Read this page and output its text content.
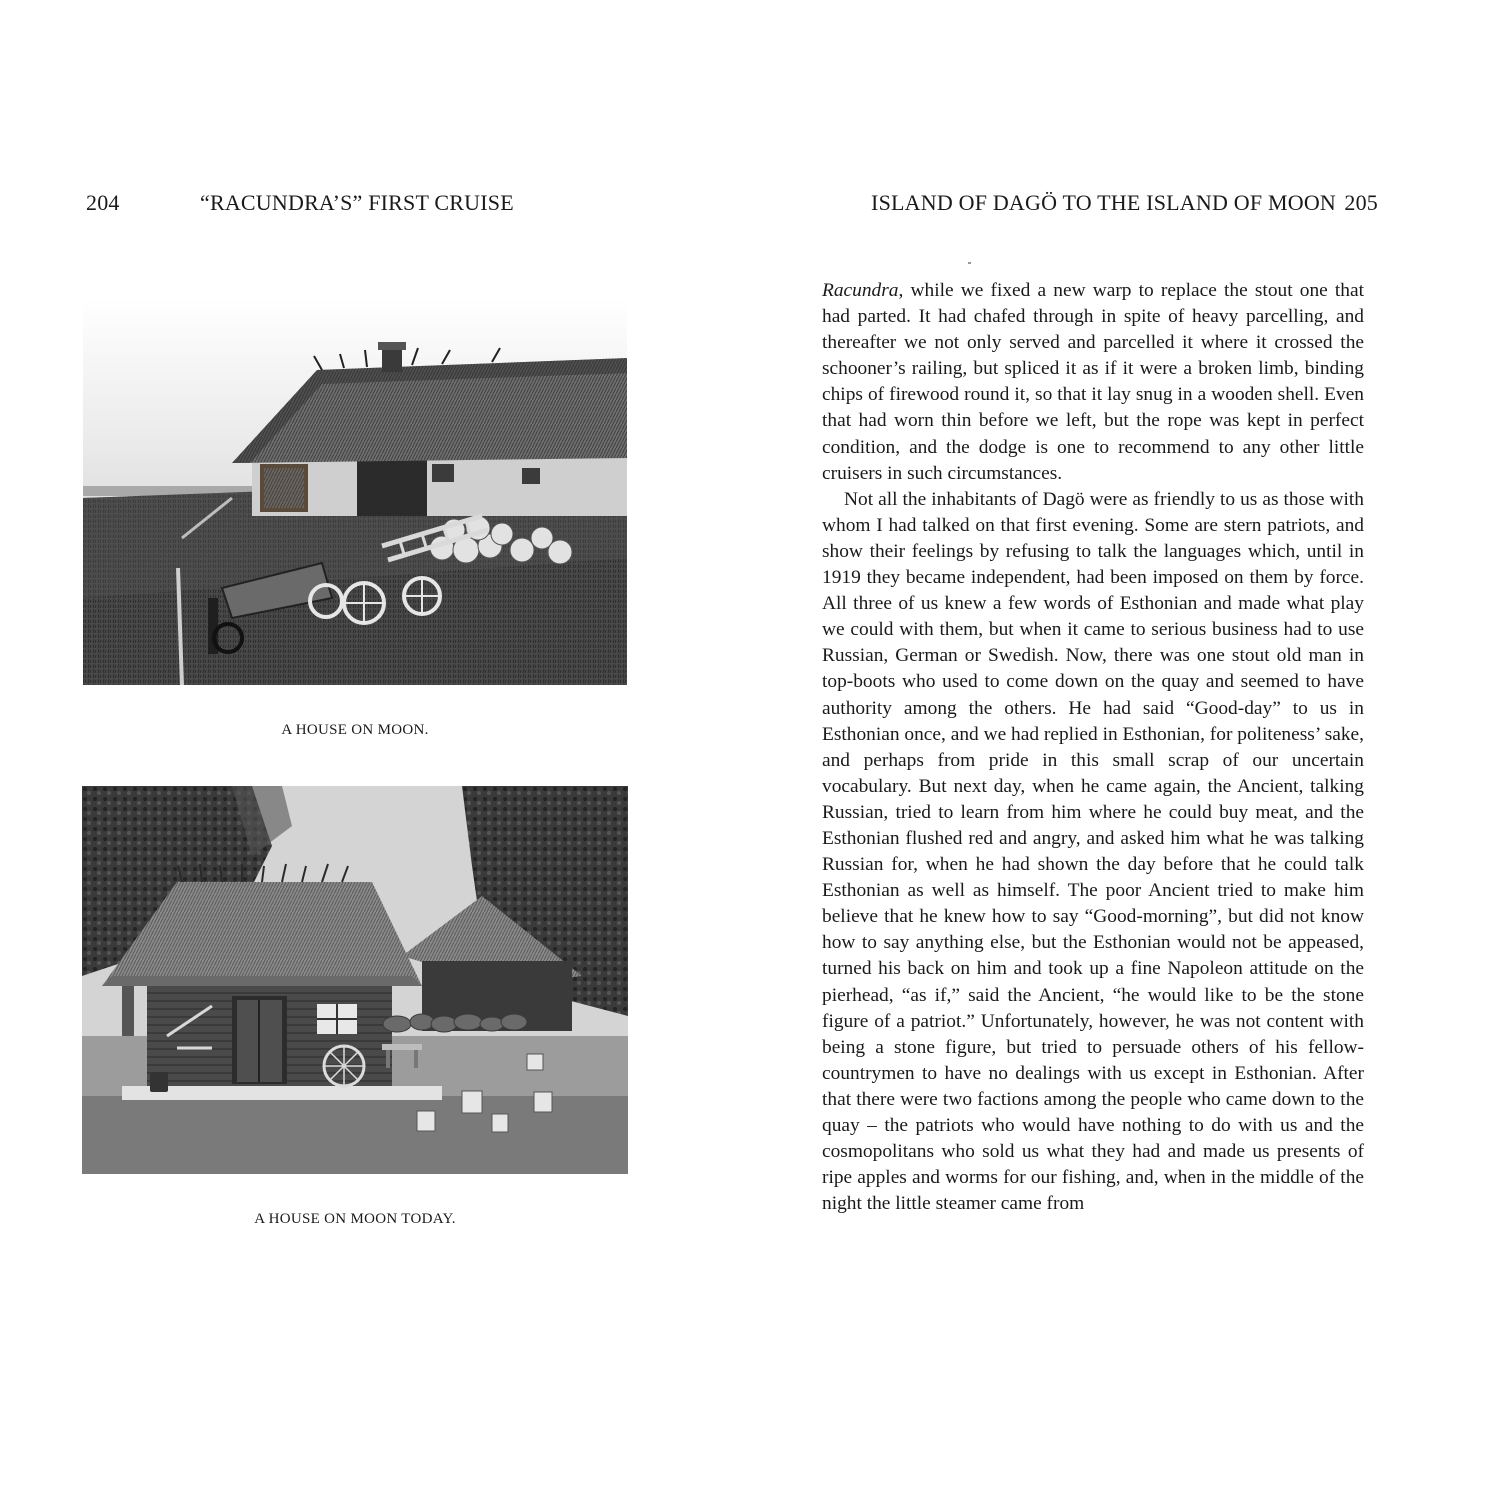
204	“RACUNDRA’S” FIRST CRUISE
A HOUSE ON MOON.
A HOUSE ON MOON TODAY.
ISLAND OF DAGÖ TO THE ISLAND OF MOON 205

Racundra, while we fixed a new warp to replace the stout one that had parted. It had chafed through in spite of heavy parcelling, and thereafter we not only served and parcelled it where it crossed the schooner’s railing, but spliced it as if it were a broken limb, binding chips of firewood round it, so that it lay snug in a wooden shell. Even that had worn thin before we left, but the rope was kept in perfect condition, and the dodge is one to recommend to any other little cruisers in such circumstances.

Not all the inhabitants of Dagö were as friendly to us as those with whom I had talked on that first evening. Some are stern patriots, and show their feelings by refusing to talk the languages which, until in 1919 they became independent, had been imposed on them by force. All three of us knew a few words of Esthonian and made what play we could with them, but when it came to serious business had to use Russian, German or Swedish. Now, there was one stout old man in top-boots who used to come down on the quay and seemed to have authority among the others. He had said “Good-day” to us in Esthonian once, and we had replied in Esthonian, for politeness’ sake, and perhaps from pride in this small scrap of our uncertain vocabulary. But next day, when he came again, the Ancient, talking Russian, tried to learn from him where he could buy meat, and the Esthonian flushed red and angry, and asked him what he was talking Russian for, when he had shown the day before that he could talk Esthonian as well as himself. The poor Ancient tried to make him believe that he knew how to say “Good-morning”, but did not know how to say anything else, but the Esthonian would not be appeased, turned his back on him and took up a fine Napoleon attitude on the pierhead, “as if,” said the Ancient, “he would like to be the stone figure of a patriot.” Unfortunately, however, he was not content with being a stone figure, but tried to persuade others of his fellow-countrymen to have no dealings with us except in Esthonian. After that there were two factions among the people who came down to the quay – the patriots who would have nothing to do with us and the cosmopolitans who sold us what they had and made us presents of ripe apples and worms for our fishing, and, when in the middle of the night the little steamer came from
